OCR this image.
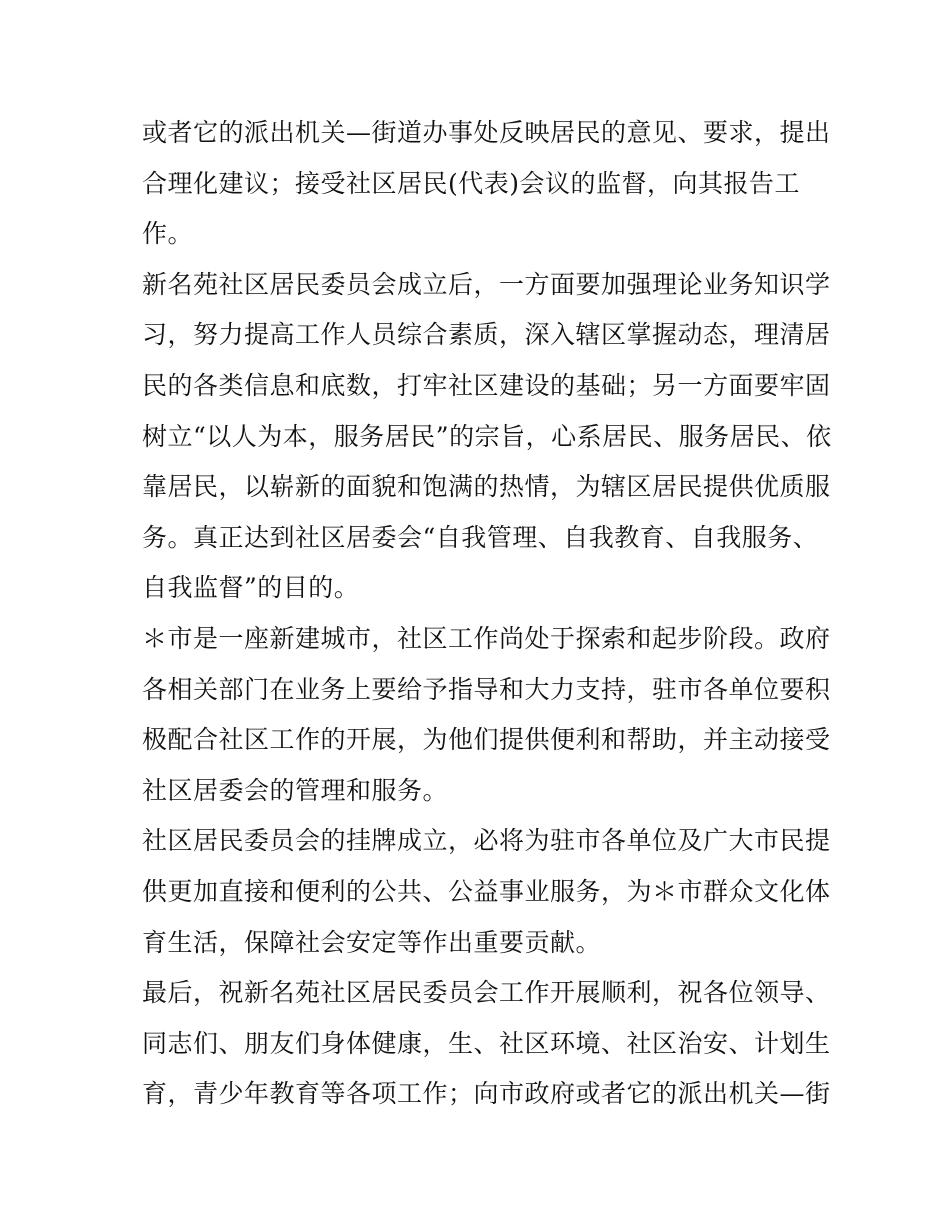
或者它的派出机关—街道办事处反映居民的意见、要求，提出
合理化建议；接受社区居民(代表)会议的监督，向其报告工
作。
新名苑社区居民委员会成立后，一方面要加强理论业务知识学
习，努力提高工作人员综合素质，深入辖区掌握动态，理清居
民的各类信息和底数，打牢社区建设的基础；另一方面要牢固
树立“以人为本，服务居民”的宗旨，心系居民、服务居民、依
靠居民，以崭新的面貌和饱满的热情，为辖区居民提供优质服
务。真正达到社区居委会“自我管理、自我教育、自我服务、
自我监督”的目的。
＊市是一座新建城市，社区工作尚处于探索和起步阶段。政府
各相关部门在业务上要给予指导和大力支持，驻市各单位要积
极配合社区工作的开展，为他们提供便利和帮助，并主动接受
社区居委会的管理和服务。
社区居民委员会的挂牌成立，必将为驻市各单位及广大市民提
供更加直接和便利的公共、公益事业服务，为＊市群众文化体
育生活，保障社会安定等作出重要贡献。
最后，祝新名苑社区居民委员会工作开展顺利，祝各位领导、
同志们、朋友们身体健康，生、社区环境、社区治安、计划生
育，青少年教育等各项工作；向市政府或者它的派出机关—街
